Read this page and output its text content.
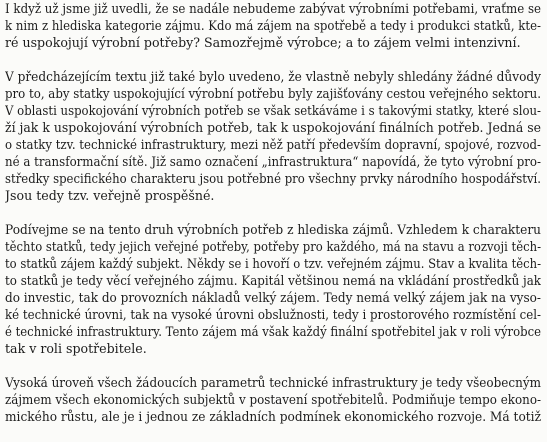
I když už jsme již uvedli, že se nadále nebudeme zabývat výrobními potřebami, vraťme se
k nim z hlediska kategorie zájmu. Kdo má zájem na spotřebě a tedy i produkci statků, kte-
ré uspokojují výrobní potřeby? Samozřejmě výrobce; a to zájem velmi intenzivní.

V předcházejícím textu již také bylo uvedeno, že vlastně nebyly shledány žádné důvody
pro to, aby statky uspokojující výrobní potřebu byly zajišťovány cestou veřejného sektoru.
V oblasti uspokojování výrobních potřeb se však setkáváme i s takovými statky, které slou-
ží jak k uspokojování výrobních potřeb, tak k uspokojování finálních potřeb. Jedná se
o statky tzv. technické infrastruktury, mezi něž patří především dopravní, spojové, rozvod-
né a transformační sítě. Již samo označení „infrastruktura“ napovídá, že tyto výrobní pro-
středky specifického charakteru jsou potřebné pro všechny prvky národního hospodářství.
Jsou tedy tzv. veřejně prospěšné.

Podívejme se na tento druh výrobních potřeb z hlediska zájmů. Vzhledem k charakteru
těchto statků, tedy jejich veřejné potřeby, potřeby pro každého, má na stavu a rozvoji těch-
to statků zájem každý subjekt. Někdy se i hovoří o tzv. veřejném zájmu. Stav a kvalita těch-
to statků je tedy věcí veřejného zájmu. Kapitál většinou nemá na vkládání prostředků jak
do investic, tak do provozních nákladů velký zájem. Tedy nemá velký zájem jak na vyso-
ké technické úrovni, tak na vysoké úrovni obslužnosti, tedy i prostorového rozmístění cel-
é technické infrastruktury. Tento zájem má však každý finální spotřebitel jak v roli výrobce
tak v roli spotřebitele.

Vysoká úroveň všech žádoucích parametrů technické infrastruktury je tedy všeobecným
zájmem všech ekonomických subjektů v postavení spotřebitelů. Podmiňuje tempo ekono-
mického růstu, ale je i jednou ze základních podmínek ekonomického rozvoje. Má totiž
